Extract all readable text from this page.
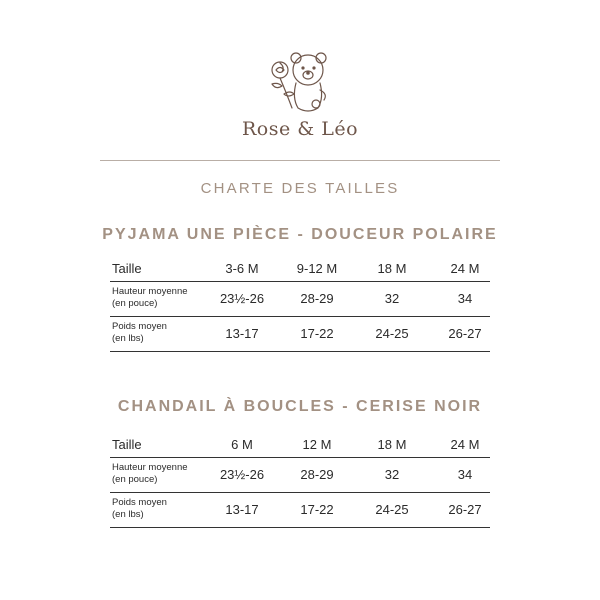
Rose & Léo
CHARTE DES TAILLES
PYJAMA UNE PIÈCE - DOUCEUR POLAIRE
Taille	3-6 M	9-12 M	18 M	24 M
Hauteur moyenne
(en pouce)	23½-26	28-29	32	34
Poids moyen
(en lbs)	13-17	17-22	24-25	26-27
CHANDAIL À BOUCLES - CERISE NOIR
Taille	6 M	12 M	18 M	24 M
Hauteur moyenne
(en pouce)	23½-26	28-29	32	34
Poids moyen
(en lbs)	13-17	17-22	24-25	26-27
